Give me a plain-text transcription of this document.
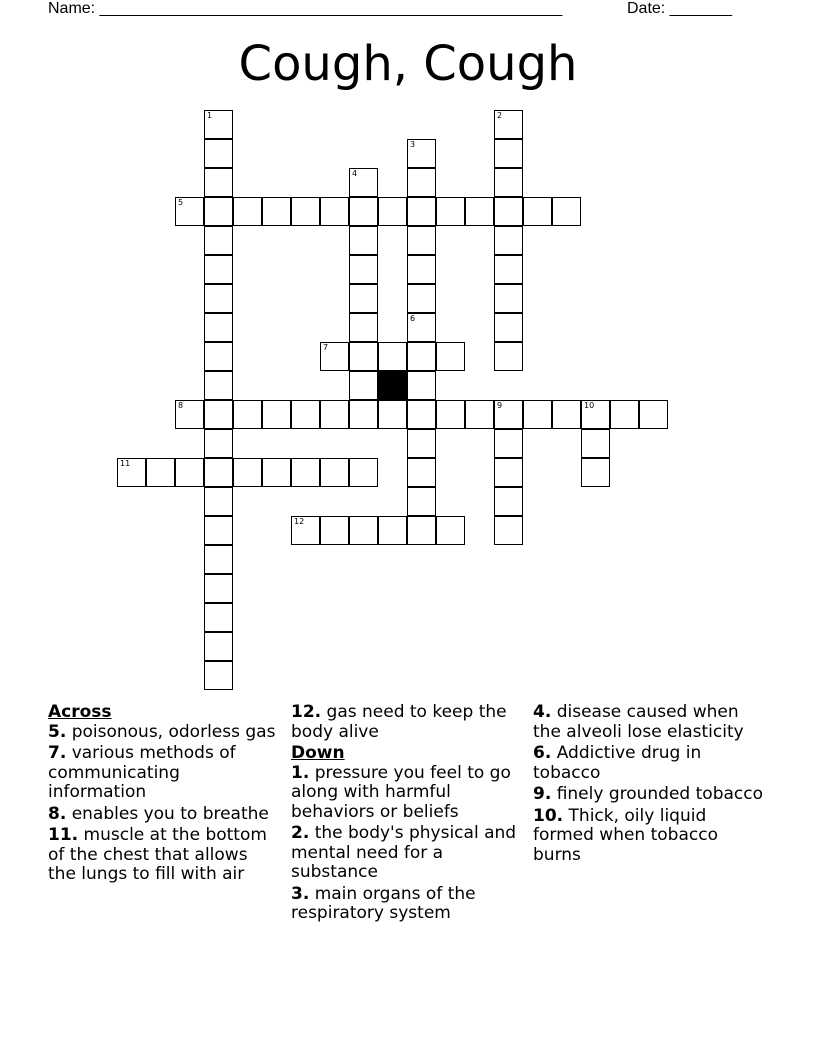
Name: ____________________________________________________	Date: _______
Cough, Cough
5
7
8	9	10
11
12
1	2
3
4
6
Across
5. poisonous, odorless gas
7. various methods of communicating information
8. enables you to breathe
11. muscle at the bottom of the chest that allows the lungs to fill with air
12. gas need to keep the body alive
Down
1. pressure you feel to go along with harmful behaviors or beliefs
2. the body's physical and mental need for a substance
3. main organs of the respiratory system
4. disease caused when the alveoli lose elasticity
6. Addictive drug in tobacco
9. finely grounded tobacco
10. Thick, oily liquid formed when tobacco burns
